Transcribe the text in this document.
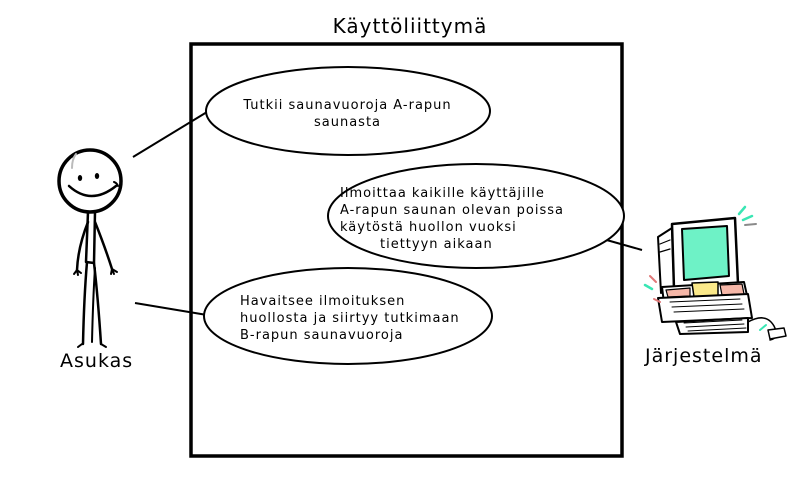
Käyttöliittymä
Asukas	Järjestelmä
Tutkii saunavuoroja A-rapun
saunasta
Ilmoittaa kaikille käyttäjille
A-rapun saunan olevan poissa
käytöstä huollon vuoksi
tiettyyn aikaan
Havaitsee ilmoituksen
huollosta ja siirtyy tutkimaan
B-rapun saunavuoroja
